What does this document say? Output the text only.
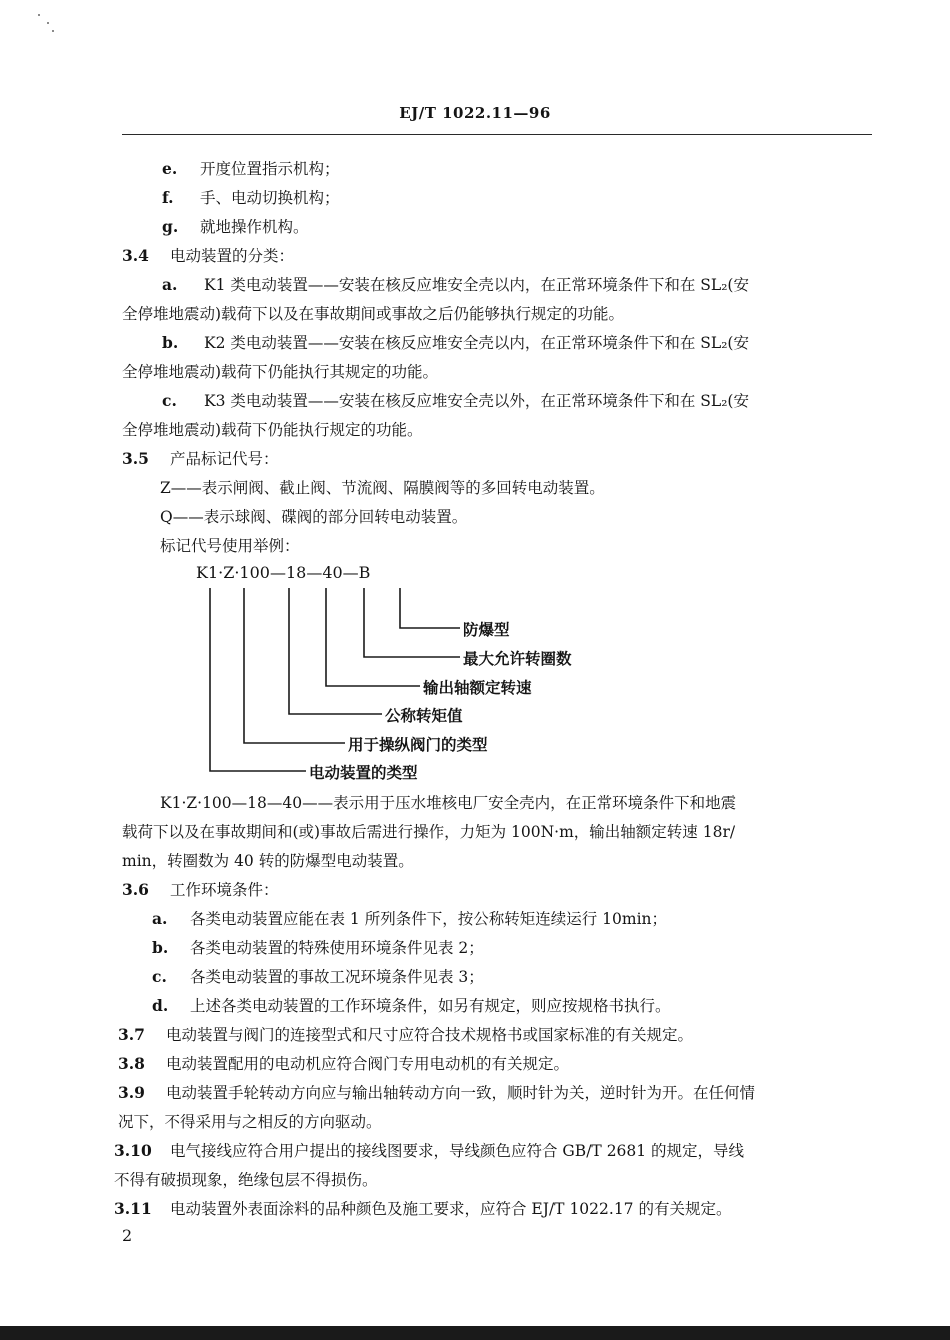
EJ/T 1022.11—96
e. 开度位置指示机构；
f. 手、电动切换机构；
g. 就地操作机构。
3.4 电动装置的分类：
a. K1 类电动装置——安装在核反应堆安全壳以内，在正常环境条件下和在 SL₂(安
全停堆地震动)载荷下以及在事故期间或事故之后仍能够执行规定的功能。
b. K2 类电动装置——安装在核反应堆安全壳以内，在正常环境条件下和在 SL₂(安
全停堆地震动)载荷下仍能执行其规定的功能。
c. K3 类电动装置——安装在核反应堆安全壳以外，在正常环境条件下和在 SL₂(安
全停堆地震动)载荷下仍能执行规定的功能。
3.5 产品标记代号：
Z——表示闸阀、截止阀、节流阀、隔膜阀等的多回转电动装置。
Q——表示球阀、碟阀的部分回转电动装置。
标记代号使用举例：
K1·Z·100—18—40—B
防爆型
最大允许转圈数
输出轴额定转速
公称转矩值
用于操纵阀门的类型
电动装置的类型
K1·Z·100—18—40——表示用于压水堆核电厂安全壳内，在正常环境条件下和地震
载荷下以及在事故期间和(或)事故后需进行操作，力矩为 100N·m，输出轴额定转速 18r/
min，转圈数为 40 转的防爆型电动装置。
3.6 工作环境条件：
a. 各类电动装置应能在表 1 所列条件下，按公称转矩连续运行 10min；
b. 各类电动装置的特殊使用环境条件见表 2；
c. 各类电动装置的事故工况环境条件见表 3；
d. 上述各类电动装置的工作环境条件，如另有规定，则应按规格书执行。
3.7 电动装置与阀门的连接型式和尺寸应符合技术规格书或国家标准的有关规定。
3.8 电动装置配用的电动机应符合阀门专用电动机的有关规定。
3.9 电动装置手轮转动方向应与输出轴转动方向一致，顺时针为关，逆时针为开。在任何情
况下，不得采用与之相反的方向驱动。
3.10 电气接线应符合用户提出的接线图要求，导线颜色应符合 GB/T 2681 的规定，导线
不得有破损现象，绝缘包层不得损伤。
3.11 电动装置外表面涂料的品种颜色及施工要求，应符合 EJ/T 1022.17 的有关规定。
2
